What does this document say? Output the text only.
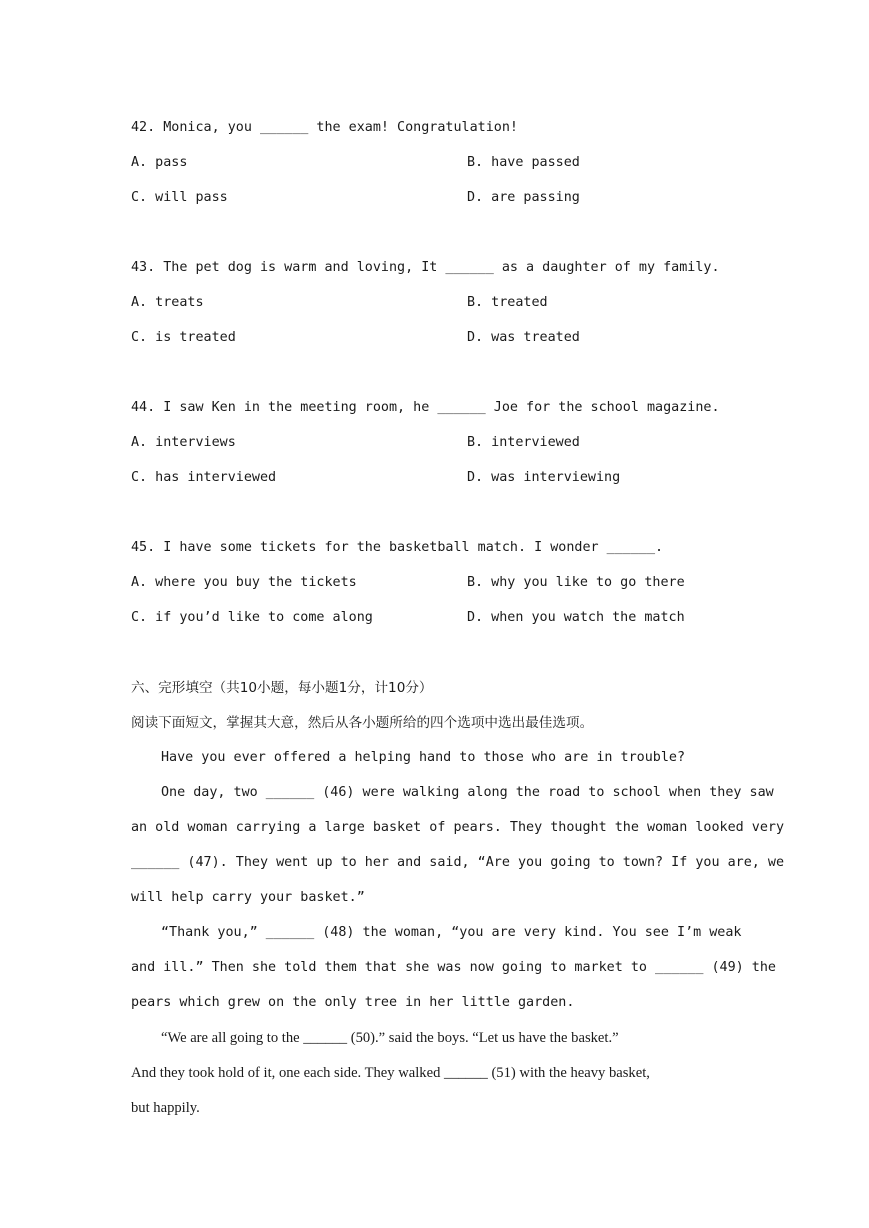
42. Monica, you ______ the exam! Congratulation!
A. pass	B. have passed
C. will pass	D. are passing
43. The pet dog is warm and loving, It ______ as a daughter of my family.
A. treats	B. treated
C. is treated	D. was treated
44. I saw Ken in the meeting room, he ______ Joe for the school magazine.
A. interviews	B. interviewed
C. has interviewed	D. was interviewing
45. I have some tickets for the basketball match. I wonder ______.
A. where you buy the tickets	B. why you like to go there
C. if you’d like to come along	D. when you watch the match
六、完形填空（共10小题，每小题1分，计10分）
阅读下面短文，掌握其大意，然后从各小题所给的四个选项中选出最佳选项。
Have you ever offered a helping hand to those who are in trouble?
One day, two ______ (46) were walking along the road to school when they saw
an old woman carrying a large basket of pears. They thought the woman looked very
______ (47). They went up to her and said, “Are you going to town? If you are, we
will help carry your basket.”
“Thank you,” ______ (48) the woman, “you are very kind. You see I’m weak
and ill.” Then she told them that she was now going to market to ______ (49) the
pears which grew on the only tree in her little garden.
“We are all going to the ______ (50).” said the boys. “Let us have the basket.”
And they took hold of it, one each side. They walked ______ (51) with the heavy basket,
but happily.
